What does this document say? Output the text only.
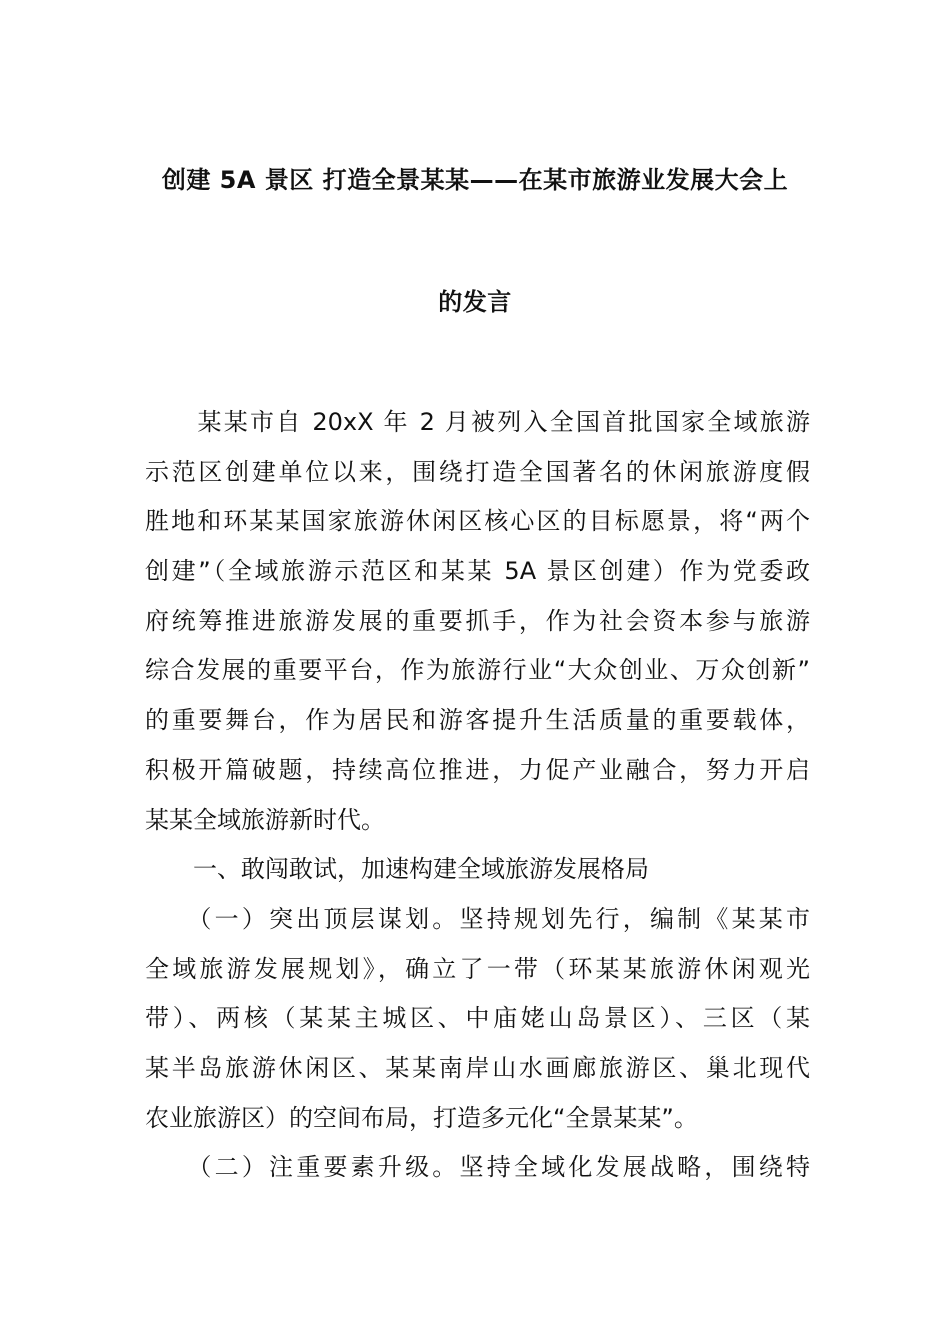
创建 5A 景区 打造全景某某——在某市旅游业发展大会上
的发言
　　某某市自 20xX 年 2 月被列入全国首批国家全域旅游
示范区创建单位以来，围绕打造全国著名的休闲旅游度假
胜地和环某某国家旅游休闲区核心区的目标愿景，将“两个
创建”（全域旅游示范区和某某 5A 景区创建）作为党委政
府统筹推进旅游发展的重要抓手，作为社会资本参与旅游
综合发展的重要平台，作为旅游行业“大众创业、万众创新”
的重要舞台，作为居民和游客提升生活质量的重要载体，
积极开篇破题，持续高位推进，力促产业融合，努力开启
某某全域旅游新时代。
　　一、敢闯敢试，加速构建全域旅游发展格局
　　（一）突出顶层谋划。坚持规划先行，编制《某某市
全域旅游发展规划》，确立了一带（环某某旅游休闲观光
带）、两核（某某主城区、中庙姥山岛景区）、三区（某
某半岛旅游休闲区、某某南岸山水画廊旅游区、巢北现代
农业旅游区）的空间布局，打造多元化“全景某某”。
　　（二）注重要素升级。坚持全域化发展战略，围绕特
